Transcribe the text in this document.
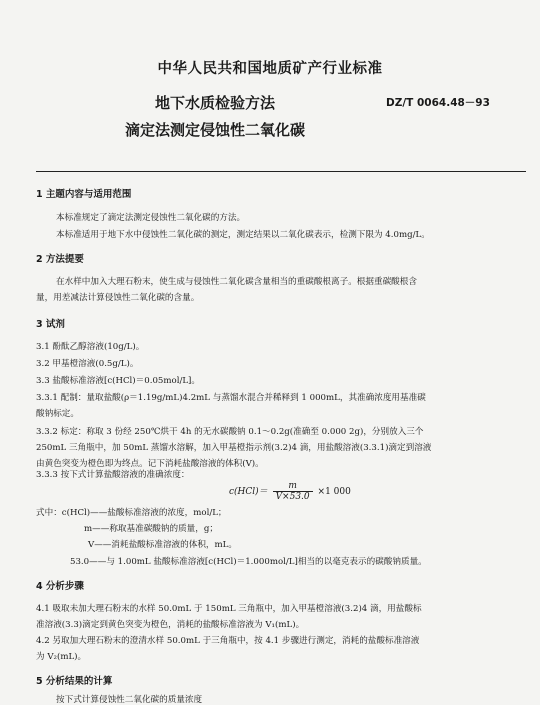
中华人民共和国地质矿产行业标准
地下水质检验方法
滴定法测定侵蚀性二氧化碳
DZ/T 0064.48－93
1 主题内容与适用范围
本标准规定了滴定法测定侵蚀性二氧化碳的方法。
本标准适用于地下水中侵蚀性二氧化碳的测定，测定结果以二氧化碳表示，检测下限为 4.0mg/L。
2 方法提要
在水样中加入大理石粉末，使生成与侵蚀性二氧化碳含量相当的重碳酸根离子。根据重碳酸根含
量，用差减法计算侵蚀性二氧化碳的含量。
3 试剂
3.1 酚酞乙醇溶液(10g/L)。
3.2 甲基橙溶液(0.5g/L)。
3.3 盐酸标准溶液[c(HCl)＝0.05mol/L]。
3.3.1 配制：量取盐酸(ρ＝1.19g/mL)4.2mL 与蒸馏水混合并稀释到 1 000mL，其准确浓度用基准碳
酸钠标定。
3.3.2 标定：称取 3 份经 250℃烘干 4h 的无水碳酸钠 0.1～0.2g(准确至 0.000 2g)，分别放入三个
250mL 三角瓶中，加 50mL 蒸馏水溶解，加入甲基橙指示剂(3.2)4 滴，用盐酸溶液(3.3.1)滴定到溶液
由黄色突变为橙色即为终点。记下消耗盐酸溶液的体积(V)。
3.3.3 按下式计算盐酸溶液的准确浓度：
$c(HCl)= \frac{m}{V\times 53.0} \times 1$ 000
式中：c(HCl)——盐酸标准溶液的浓度，mol/L；
m——称取基准碳酸钠的质量，g；
V——消耗盐酸标准溶液的体积，mL。
53.0——与 1.00mL 盐酸标准溶液[c(HCl)＝1.000mol/L]相当的以毫克表示的碳酸钠质量。
4 分析步骤
4.1 吸取未加大理石粉末的水样 50.0mL 于 150mL 三角瓶中，加入甲基橙溶液(3.2)4 滴，用盐酸标
准溶液(3.3)滴定到黄色突变为橙色，消耗的盐酸标准溶液为 V₁(mL)。
4.2 另取加大理石粉末的澄清水样 50.0mL 于三角瓶中，按 4.1 步骤进行测定，消耗的盐酸标准溶液
为 V₂(mL)。
5 分析结果的计算
按下式计算侵蚀性二氧化碳的质量浓度
